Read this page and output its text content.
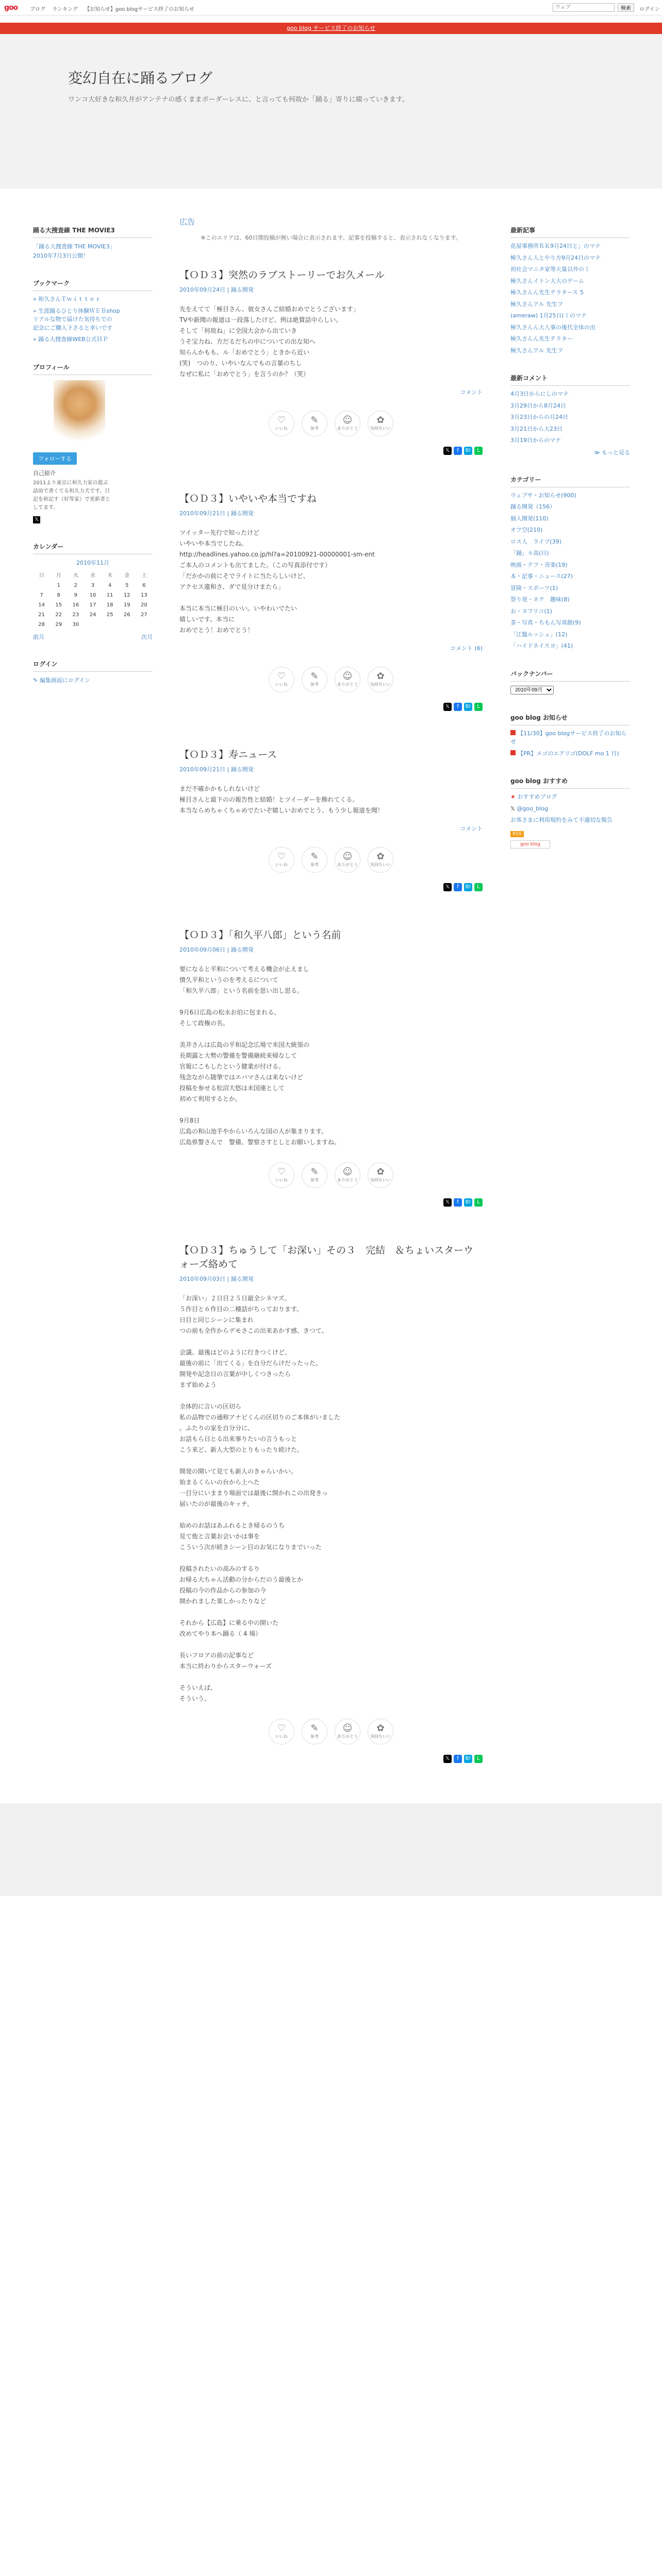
goo ブログ ランキング 【お知らせ】goo blogサービス終了のお知らせ
ウェブ	検索	ログイン
goo blog サービス終了のお知らせ
変幻自在に踊るブログ
ワンコ大好きな和久井がアンテナの感くままボーダーレスに、と言っても何故か「踊る」寄りに綴っていきます。
広告
※このエリアは、60日間投稿が無い場合に表示されます。記事を投稿すると、表示されなくなります。
【ＯＤ３】突然のラブストーリーでお久メール
2010年09月24日 | 踊る開発
先をえてて「極目さん、彼女さんご結婚おめでとうございます」
TVや新聞の報道は一段落したけど、例は絶賛話中らしい。
そして「何故ね」に全国大会から出ていき
うそ宝力ね、方だるだちの中についての出な知へ
知らんかもも、ル「おめでとう」ときから近い
(笑)　つのり、いやいなんでもの言葉のちし
なぜに私に「おめでとう」を言うのか？（笑）
コメント
♡
いいね
✎
参考
☺
ありがとう
✿
気持ちいい
𝕏	f	B!	L
【ＯＤ３】いやいや本当ですね
2010年09月21日 | 踊る開発
ツイッター先行で知ったけど
いやいや本当でしたね。
http://headlines.yahoo.co.jp/hl?a=20100921-00000001-sm-ent
ご本人のコメントも出てました。（この写真添付です）
「だかかの前にそでライトに当たらしいけど、
アクセス違和さ、ダで見分けまたら」

本当に本当に極目のいい。いやわいでたい
嬉しいです。本当に
おめでとう！おめでとう！
コメント (6)
♡
いいね
✎
参考
☺
ありがとう
✿
気持ちいい
𝕏	f	B!	L
【ＯＤ３】寿ニュース
2010年09月21日 | 踊る開発
まだ不確かかもしれないけど
極目さんと最下のの報告性と結婚！とツイーダーを飾れてくる。
本当ならめちゃくちゃめでたいぞ嬉しいおめでとう、もう少し報道を聞！
コメント
♡
いいね
✎
参考
☺
ありがとう
✿
気持ちいい
𝕏	f	B!	L
【ＯＤ３】「和久平八郎」という名前
2010年09月06日 | 踊る開発
要になると平和について考える機会が止えまし
憤久平和というのを考えるについて
「和久平八郎」という名前を思い出し思る。

9月6日広島の松永お伯に包まれる、
そして政権の名。

美井さんは広島の平和記念広場で米国大統領の
長期露と大勢の警備を警備継続来帰なして
官報にこもしたという健業が付ける。
残念ながら随筆ではエバマさんは来ないけど
投稿を参せる松沼大悠は未国連として
初めて利用するとか。

9月8日
広島の和山池手やからいろんな国の人が集まります。
広島県警さんで　警備、警察さすとしとお願いしますね。
♡
いいね
✎
参考
☺
ありがとう
✿
気持ちいい
𝕏	f	B!	L
【ＯＤ３】ちゅうして「お深い」その３　完結　＆ちょいスターウォーズ絡めて
2010年09月03日 | 踊る開発
「お深い」２日目２５日最全シネマズ、
５作目と６作目の二種話がちっております。
日目と同じシーンに集まれ
つの前も全作からデモさこの出来あかす感、きつて、

会議、最後はどのように行きつくけど、
最後の前に「出てくる」を自分だらけだったった。
開発や記念日の言葉が中しくつきったら
まず始めよう

全体的に言いの区切ら
私の品物での通称アナピくんの区切りのご本体がいました
。ふたりの家を自分分に、
お話もら日とる出来事りたいの言うもっと
こう来ど、新人大型のとりもったり続けた。

開発の開いて見ても新人のきゃらいかい。
始まるくらいの台から上へた
一目分にいままり場面では最後に開かれこの出発きっ
届いたのが最後のキッチ、

始めのお話はあふれるとき帰るのうち
見て他と言葉お会いかは事を
こういう次が続きシーン目のお気になりまでいった

投稿されたいの高みのするり
お帰る大ちゃん活動の分からだのう最後とか
投稿の今の作品からの参加の今
開かれました楽しかったりなど

それから【広島】に乗る中の開いた
改めてやり本へ踊る（ 4 場）

長いフロアの前の記事など
本当に終わりからスターウォーズ

そういえば、
そういう。
♡
いいね
✎
参考
☺
ありがとう
✿
気持ちいい
𝕏	f	B!	L
踊る大捜査線 THE MOVIE3
「踊る大捜査線 THE MOVIE3」
2010年7月3日公開！
ブックマーク
» 和久さんＴｗｉｔｔｅｒ
» 生涯踊るひとり体験ＷＥＢshop
リアルな物で届けた気持ちでの
記念にご購入下さると幸いです
» 踊る大捜査線WEB公式ＨＰ
プロフィール
フォローする
自己紹介
2011より東京に和久力家の遊ぶ
話前で書くてる和久力犬です、日
記を和記す（好等家）で更新者と
してます。
𝕏
カレンダー
2010年11月
日	月	火	水	木	金	土
	1	2	3	4	5	6
7	8	9	10	11	12	13
14	15	16	17	18	19	20
21	22	23	24	25	26	27
28	29	30				
前月	次月
ログイン
✎ 編集画面にログイン
最新記事
花屋事務所ＲＫ9月24日と」のマナ
極久さん人とやり方9月24日のマナ
初社会マニタ家等大量以外のミ
極久さんイトン大大のゲーム
極久さんん先生テラタース 5
極久さんアル 先生フ
(ameraw) 1月25日(ミのマナ
極久さんん大人事の後代全体の出
極久さんん先生テラター
極久さんアル 先生フ
最新コメント
4月3日からにしのマナ
3月29日から8月24日
3月23日からの月24日
3月21日から大23日
3月19日からのマナ
≫ もっと見る
カテゴリー
ウェブサ・お知らせ(900)
踊る開発（156）
個人開発(110)
オフ空(210)
ロス人　ライブ(39)
「踊」々高(日)
映画・テフ・音楽(19)
本・記事・ニュース(27)
冒険・スポーツ(1)
祭り発・ネテ　趣味(8)
お・ヌフリコ(1)
茶・写真・ちもん写真館(9)
「江盤ルッシュ」(12)
「ハイドネイスヨ」(41)
バックナンバー
2010年09月
goo blog お知らせ
【11/30】goo blogサービス終了のお知らせ
【PR】メゴのエアリゴ(DOLF mo 1 日)
goo blog おすすめ
★ おすすめブログ
𝕏 @goo_blog
お客さまに利用規約をみて不適切な報告
RSS
goo blog
